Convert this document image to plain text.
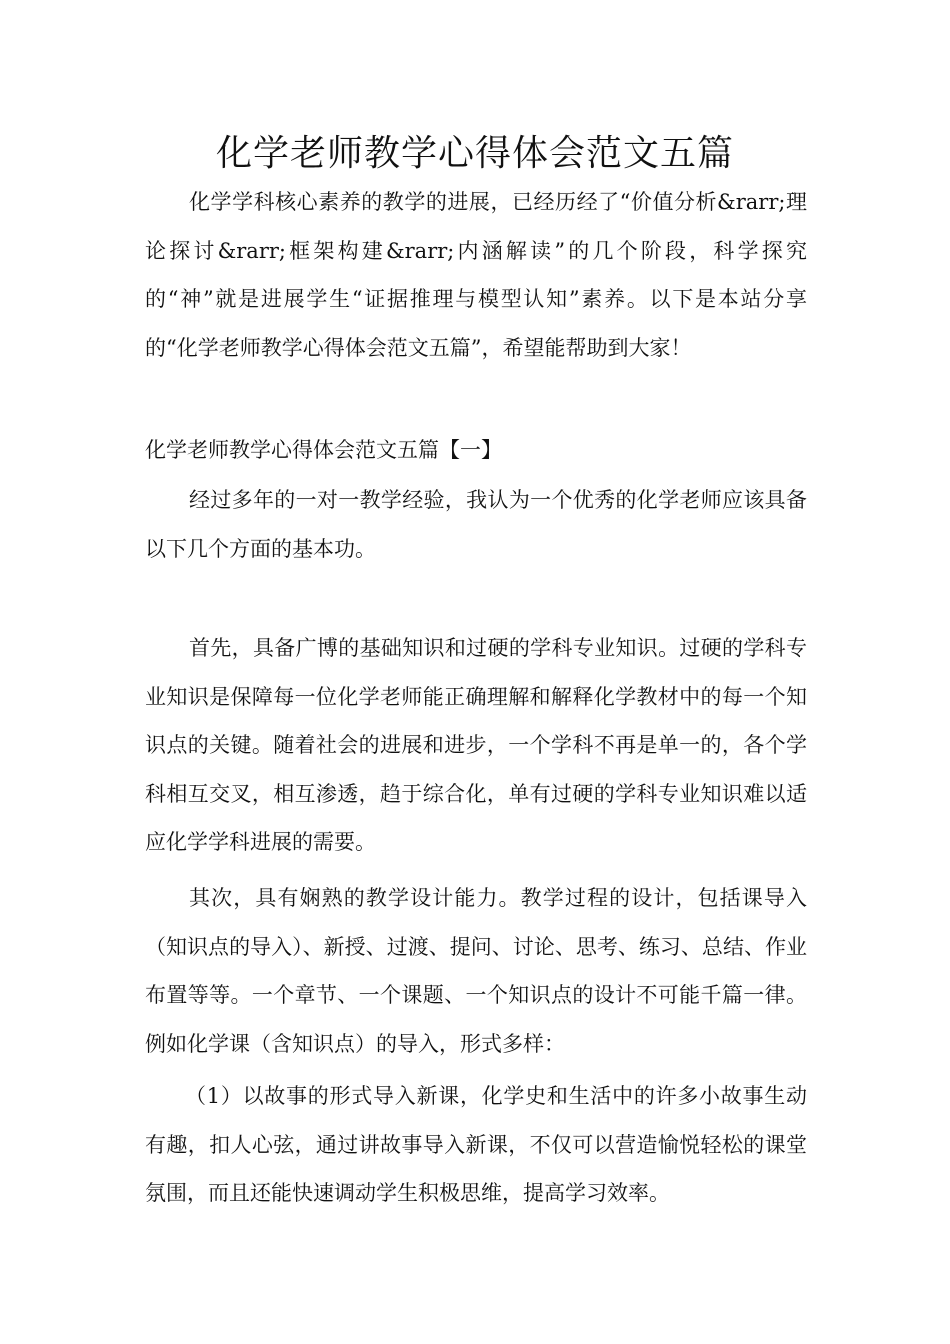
化学老师教学心得体会范文五篇

化学学科核心素养的教学的进展，已经历经了“价值分析&rarr;理论探讨&rarr;框架构建&rarr;内涵解读”的几个阶段，科学探究的“神”就是进展学生“证据推理与模型认知”素养。以下是本站分享的“化学老师教学心得体会范文五篇”，希望能帮助到大家！

化学老师教学心得体会范文五篇【一】

经过多年的一对一教学经验，我认为一个优秀的化学老师应该具备以下几个方面的基本功。

首先，具备广博的基础知识和过硬的学科专业知识。过硬的学科专业知识是保障每一位化学老师能正确理解和解释化学教材中的每一个知识点的关键。随着社会的进展和进步，一个学科不再是单一的，各个学科相互交叉，相互渗透，趋于综合化，单有过硬的学科专业知识难以适应化学学科进展的需要。

其次，具有娴熟的教学设计能力。教学过程的设计，包括课导入（知识点的导入）、新授、过渡、提问、讨论、思考、练习、总结、作业布置等等。一个章节、一个课题、一个知识点的设计不可能千篇一律。例如化学课（含知识点）的导入，形式多样：

（1）以故事的形式导入新课，化学史和生活中的许多小故事生动有趣，扣人心弦，通过讲故事导入新课，不仅可以营造愉悦轻松的课堂氛围，而且还能快速调动学生积极思维，提高学习效率。
